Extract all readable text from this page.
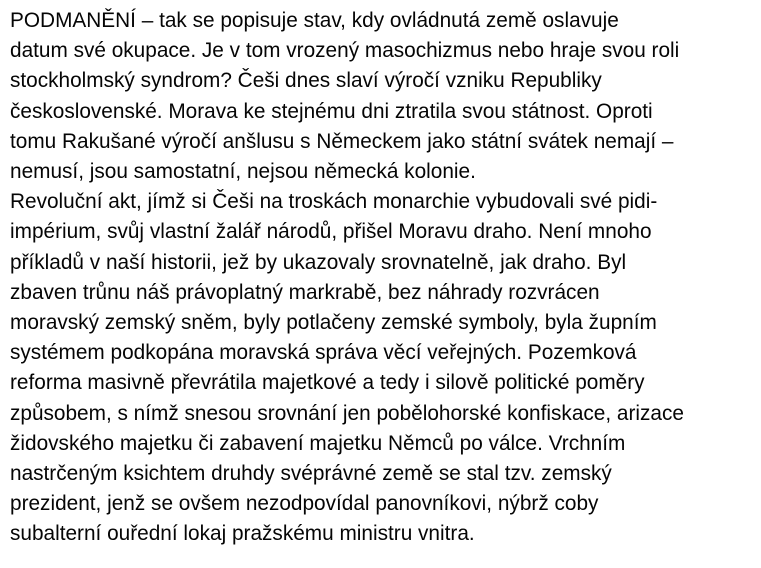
PODMANĚNÍ – tak se popisuje stav, kdy ovládnutá země oslavuje
datum své okupace. Je v tom vrozený masochizmus nebo hraje svou roli
stockholmský syndrom? Češi dnes slaví výročí vzniku Republiky
československé. Morava ke stejnému dni ztratila svou státnost. Oproti
tomu Rakušané výročí anšlusu s Německem jako státní svátek nemají –
nemusí, jsou samostatní, nejsou německá kolonie.

Revoluční akt, jímž si Češi na troskách monarchie vybudovali své pidi-
impérium, svůj vlastní žalář národů, přišel Moravu draho. Není mnoho
příkladů v naší historii, jež by ukazovaly srovnatelně, jak draho. Byl
zbaven trůnu náš právoplatný markrabě, bez náhrady rozvrácen
moravský zemský sněm, byly potlačeny zemské symboly, byla župním
systémem podkopána moravská správa věcí veřejných. Pozemková
reforma masivně převrátila majetkové a tedy i silově politické poměry
způsobem, s nímž snesou srovnání jen pobělohorské konfiskace, arizace
židovského majetku či zabavení majetku Němců po válce. Vrchním
nastrčeným ksichtem druhdy svéprávné země se stal tzv. zemský
prezident, jenž se ovšem nezodpovídal panovníkovi, nýbrž coby
subalterní ouřední lokaj pražskému ministru vnitra.
